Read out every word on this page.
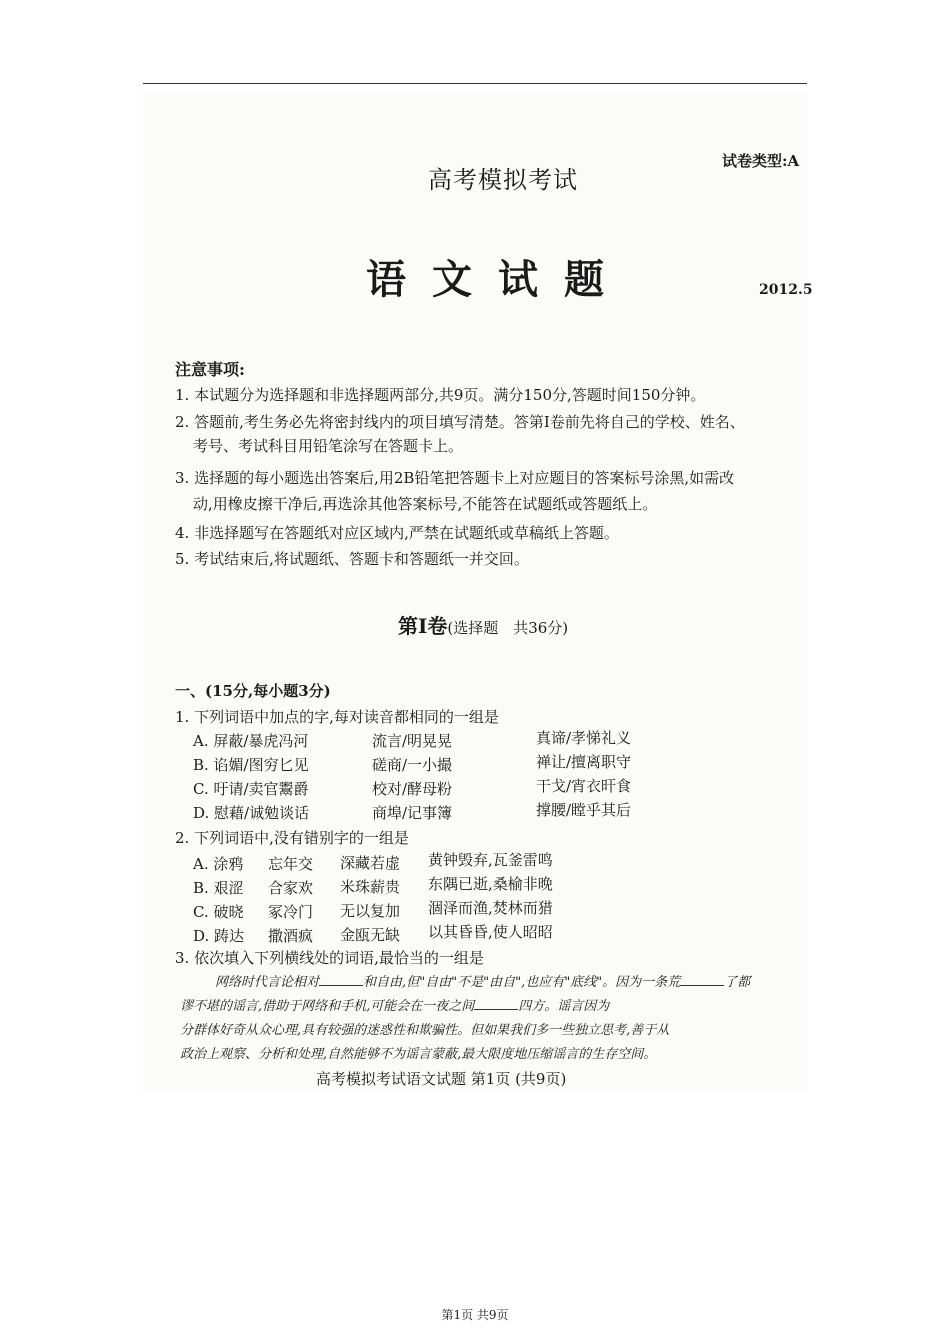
高考模拟考试
试卷类型:A
语文试题	2012.5
注意事项:
1. 本试题分为选择题和非选择题两部分,共9页。满分150分,答题时间150分钟。
2. 答题前,考生务必先将密封线内的项目填写清楚。答第Ⅰ卷前先将自己的学校、姓名、
考号、考试科目用铅笔涂写在答题卡上。
3. 选择题的每小题选出答案后,用2B铅笔把答题卡上对应题目的答案标号涂黑,如需改
动,用橡皮擦干净后,再选涂其他答案标号,不能答在试题纸或答题纸上。
4. 非选择题写在答题纸对应区域内,严禁在试题纸或草稿纸上答题。
5. 考试结束后,将试题纸、答题卡和答题纸一并交回。
第Ⅰ卷(选择题　共36分)
一、(15分,每小题3分)
1. 下列词语中加点的字,每对读音都相同的一组是
A. 屏蔽/暴虎冯河	流言/明晃晃	真谛/孝悌礼义
B. 谄媚/图穷匕见	磋商/一小撮	禅让/擅离职守
C. 吁请/卖官鬻爵	校对/酵母粉	干戈/宵衣旰食
D. 慰藉/诚勉谈话	商埠/记事簿	撑腰/瞠乎其后
2. 下列词语中,没有错别字的一组是
A. 涂鸦 忘年交 深藏若虚 黄钟毁弃,瓦釜雷鸣
B. 艰涩 合家欢 米珠薪贵 东隅已逝,桑榆非晚
C. 破晓 冢冷门 无以复加 涸泽而渔,焚林而猎
D. 踌达 撒酒疯 金瓯无缺 以其昏昏,使人昭昭
3. 依次填入下列横线处的词语,最恰当的一组是
网络时代言论相对	和自由,但"自由"不是"由自",也应有"底线"。因为一条荒	了都
谬不堪的谣言,借助于网络和手机,可能会在一夜之间	四方。谣言因为
分群体好奇从众心理,具有较强的迷惑性和欺骗性。但如果我们多一些独立思考,善于从
政治上观察、分析和处理,自然能够不为谣言蒙蔽,最大限度地压缩谣言的生存空间。
高考模拟考试语文试题 第1页 (共9页)
第1页 共9页
